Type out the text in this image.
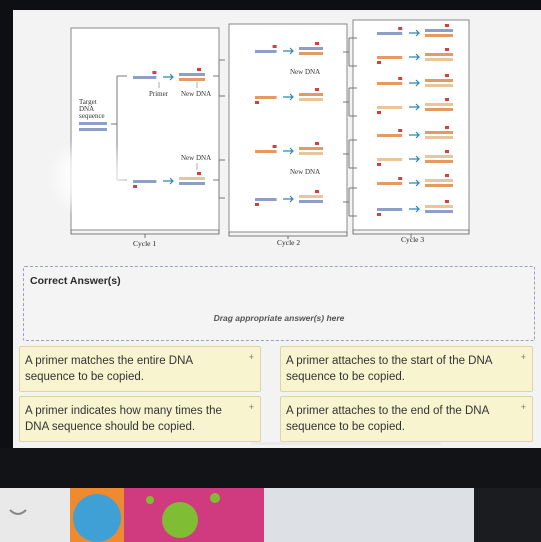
Target
DNA
sequence
Primer New DNA
New DNA
New DNA
New DNA
Cycle 1	Cycle 2	Cycle 3
Correct Answer(s)
Drag appropriate answer(s) here
A primer matches the entire DNA sequence to be copied.
+	A primer attaches to the start of the DNA sequence to be copied.
+
A primer indicates how many times the DNA sequence should be copied.
+	A primer attaches to the end of the DNA sequence to be copied.
+
